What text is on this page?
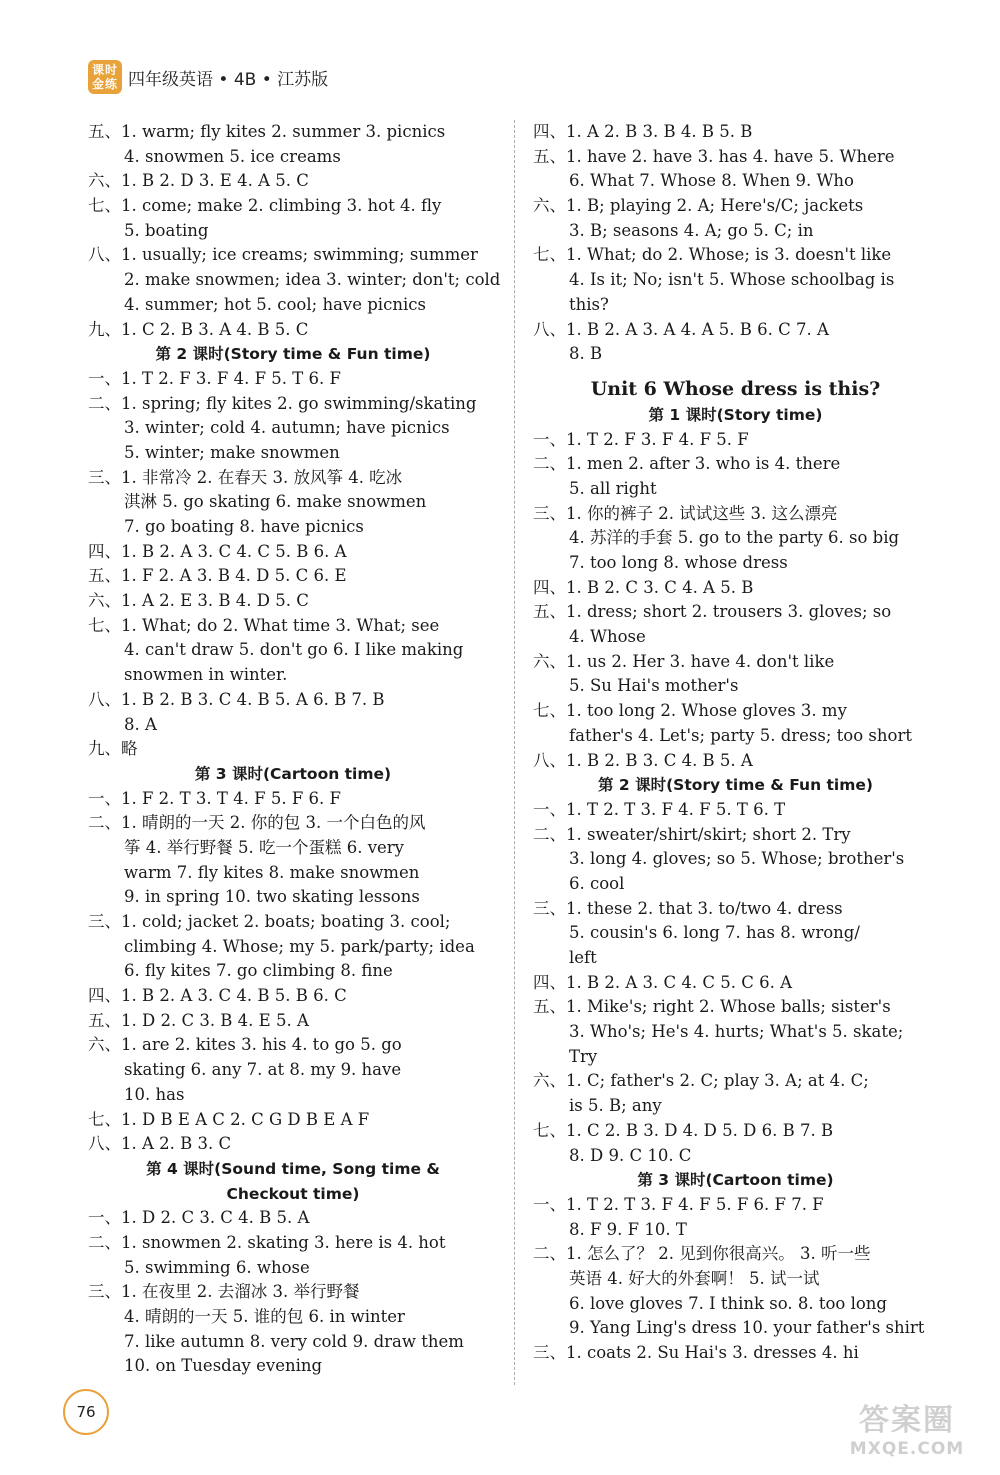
课时
金练 四年级英语 • 4B • 江苏版
五、1. warm; fly kites 2. summer 3. picnics
4. snowmen 5. ice creams
六、1. B 2. D 3. E 4. A 5. C
七、1. come; make 2. climbing 3. hot 4. fly
5. boating
八、1. usually; ice creams; swimming; summer
2. make snowmen; idea 3. winter; don't; cold
4. summer; hot 5. cool; have picnics
九、1. C 2. B 3. A 4. B 5. C
第 2 课时(Story time & Fun time)
一、1. T 2. F 3. F 4. F 5. T 6. F
二、1. spring; fly kites 2. go swimming/skating
3. winter; cold 4. autumn; have picnics
5. winter; make snowmen
三、1. 非常冷 2. 在春天 3. 放风筝 4. 吃冰
淇淋 5. go skating 6. make snowmen
7. go boating 8. have picnics
四、1. B 2. A 3. C 4. C 5. B 6. A
五、1. F 2. A 3. B 4. D 5. C 6. E
六、1. A 2. E 3. B 4. D 5. C
七、1. What; do 2. What time 3. What; see
4. can't draw 5. don't go 6. I like making
snowmen in winter.
八、1. B 2. B 3. C 4. B 5. A 6. B 7. B
8. A
九、略
第 3 课时(Cartoon time)
一、1. F 2. T 3. T 4. F 5. F 6. F
二、1. 晴朗的一天 2. 你的包 3. 一个白色的风
筝 4. 举行野餐 5. 吃一个蛋糕 6. very
warm 7. fly kites 8. make snowmen
9. in spring 10. two skating lessons
三、1. cold; jacket 2. boats; boating 3. cool;
climbing 4. Whose; my 5. park/party; idea
6. fly kites 7. go climbing 8. fine
四、1. B 2. A 3. C 4. B 5. B 6. C
五、1. D 2. C 3. B 4. E 5. A
六、1. are 2. kites 3. his 4. to go 5. go
skating 6. any 7. at 8. my 9. have
10. has
七、1. D B E A C 2. C G D B E A F
八、1. A 2. B 3. C
第 4 课时(Sound time, Song time &
Checkout time)
一、1. D 2. C 3. C 4. B 5. A
二、1. snowmen 2. skating 3. here is 4. hot
5. swimming 6. whose
三、1. 在夜里 2. 去溜冰 3. 举行野餐
4. 晴朗的一天 5. 谁的包 6. in winter
7. like autumn 8. very cold 9. draw them
10. on Tuesday evening
四、1. A 2. B 3. B 4. B 5. B
五、1. have 2. have 3. has 4. have 5. Where
6. What 7. Whose 8. When 9. Who
六、1. B; playing 2. A; Here's/C; jackets
3. B; seasons 4. A; go 5. C; in
七、1. What; do 2. Whose; is 3. doesn't like
4. Is it; No; isn't 5. Whose schoolbag is
this?
八、1. B 2. A 3. A 4. A 5. B 6. C 7. A
8. B
Unit 6 Whose dress is this?
第 1 课时(Story time)
一、1. T 2. F 3. F 4. F 5. F
二、1. men 2. after 3. who is 4. there
5. all right
三、1. 你的裤子 2. 试试这些 3. 这么漂亮
4. 苏洋的手套 5. go to the party 6. so big
7. too long 8. whose dress
四、1. B 2. C 3. C 4. A 5. B
五、1. dress; short 2. trousers 3. gloves; so
4. Whose
六、1. us 2. Her 3. have 4. don't like
5. Su Hai's mother's
七、1. too long 2. Whose gloves 3. my
father's 4. Let's; party 5. dress; too short
八、1. B 2. B 3. C 4. B 5. A
第 2 课时(Story time & Fun time)
一、1. T 2. T 3. F 4. F 5. T 6. T
二、1. sweater/shirt/skirt; short 2. Try
3. long 4. gloves; so 5. Whose; brother's
6. cool
三、1. these 2. that 3. to/two 4. dress
5. cousin's 6. long 7. has 8. wrong/
left
四、1. B 2. A 3. C 4. C 5. C 6. A
五、1. Mike's; right 2. Whose balls; sister's
3. Who's; He's 4. hurts; What's 5. skate;
Try
六、1. C; father's 2. C; play 3. A; at 4. C;
is 5. B; any
七、1. C 2. B 3. D 4. D 5. D 6. B 7. B
8. D 9. C 10. C
第 3 课时(Cartoon time)
一、1. T 2. T 3. F 4. F 5. F 6. F 7. F
8. F 9. F 10. T
二、1. 怎么了？ 2. 见到你很高兴。 3. 听一些
英语 4. 好大的外套啊！ 5. 试一试
6. love gloves 7. I think so. 8. too long
9. Yang Ling's dress 10. your father's shirt
三、1. coats 2. Su Hai's 3. dresses 4. hi
76	答案圈
MXQE.COM
